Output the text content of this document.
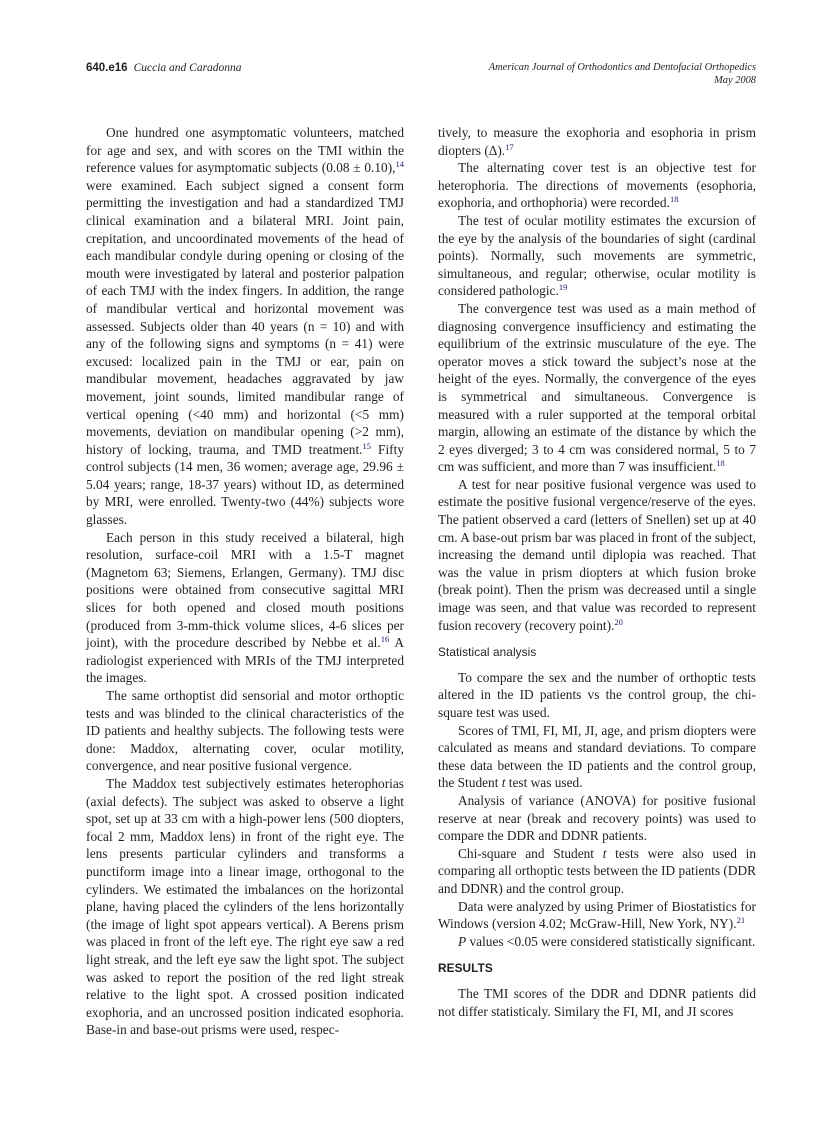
640.e16 Cuccia and Caradonna	American Journal of Orthodontics and Dentofacial Orthopedics
May 2008

One hundred one asymptomatic volunteers, matched for age and sex, and with scores on the TMI within the reference values for asymptomatic subjects (0.08 ± 0.10),$^{14}$ were examined. Each subject signed a consent form permitting the investigation and had a standardized TMJ clinical examination and a bilateral MRI. Joint pain, crepitation, and uncoordinated movements of the head of each mandibular condyle during opening or closing of the mouth were investigated by lateral and posterior palpation of each TMJ with the index fingers. In addition, the range of mandibular vertical and horizontal movement was assessed. Subjects older than 40 years (n = 10) and with any of the following signs and symptoms (n = 41) were excused: localized pain in the TMJ or ear, pain on mandibular movement, headaches aggravated by jaw movement, joint sounds, limited mandibular range of vertical opening (<40 mm) and horizontal (<5 mm) movements, deviation on mandibular opening (>2 mm), history of locking, trauma, and TMD treatment.$^{15}$ Fifty control subjects (14 men, 36 women; average age, 29.96 ± 5.04 years; range, 18-37 years) without ID, as determined by MRI, were enrolled. Twenty-two (44%) subjects wore glasses.

Each person in this study received a bilateral, high resolution, surface-coil MRI with a 1.5-T magnet (Magnetom 63; Siemens, Erlangen, Germany). TMJ disc positions were obtained from consecutive sagittal MRI slices for both opened and closed mouth positions (produced from 3-mm-thick volume slices, 4-6 slices per joint), with the procedure described by Nebbe et al.$^{16}$ A radiologist experienced with MRIs of the TMJ interpreted the images.

The same orthoptist did sensorial and motor orthoptic tests and was blinded to the clinical characteristics of the ID patients and healthy subjects. The following tests were done: Maddox, alternating cover, ocular motility, convergence, and near positive fusional vergence.

The Maddox test subjectively estimates heterophorias (axial defects). The subject was asked to observe a light spot, set up at 33 cm with a high-power lens (500 diopters, focal 2 mm, Maddox lens) in front of the right eye. The lens presents particular cylinders and transforms a punctiform image into a linear image, orthogonal to the cylinders. We estimated the imbalances on the horizontal plane, having placed the cylinders of the lens horizontally (the image of light spot appears vertical). A Berens prism was placed in front of the left eye. The right eye saw a red light streak, and the left eye saw the light spot. The subject was asked to report the position of the red light streak relative to the light spot. A crossed position indicated exophoria, and an uncrossed position indicated esophoria. Base-in and base-out prisms were used, respec-

tively, to measure the exophoria and esophoria in prism diopters (Δ).$^{17}$

The alternating cover test is an objective test for heterophoria. The directions of movements (esophoria, exophoria, and orthophoria) were recorded.$^{18}$

The test of ocular motility estimates the excursion of the eye by the analysis of the boundaries of sight (cardinal points). Normally, such movements are symmetric, simultaneous, and regular; otherwise, ocular motility is considered pathologic.$^{19}$

The convergence test was used as a main method of diagnosing convergence insufficiency and estimating the equilibrium of the extrinsic musculature of the eye. The operator moves a stick toward the subject’s nose at the height of the eyes. Normally, the convergence of the eyes is symmetrical and simultaneous. Convergence is measured with a ruler supported at the temporal orbital margin, allowing an estimate of the distance by which the 2 eyes diverged; 3 to 4 cm was considered normal, 5 to 7 cm was sufficient, and more than 7 was insufficient.$^{18}$

A test for near positive fusional vergence was used to estimate the positive fusional vergence/reserve of the eyes. The patient observed a card (letters of Snellen) set up at 40 cm. A base-out prism bar was placed in front of the subject, increasing the demand until diplopia was reached. That was the value in prism diopters at which fusion broke (break point). Then the prism was decreased until a single image was seen, and that value was recorded to represent fusion recovery (recovery point).$^{20}$

Statistical analysis

To compare the sex and the number of orthoptic tests altered in the ID patients vs the control group, the chi-square test was used.

Scores of TMI, FI, MI, JI, age, and prism diopters were calculated as means and standard deviations. To compare these data between the ID patients and the control group, the Student t test was used.

Analysis of variance (ANOVA) for positive fusional reserve at near (break and recovery points) was used to compare the DDR and DDNR patients.

Chi-square and Student t tests were also used in comparing all orthoptic tests between the ID patients (DDR and DDNR) and the control group.

Data were analyzed by using Primer of Biostatistics for Windows (version 4.02; McGraw-Hill, New York, NY).$^{21}$

P values <0.05 were considered statistically significant.

RESULTS

The TMI scores of the DDR and DDNR patients did not differ statisticaly. Similary the FI, MI, and JI scores
